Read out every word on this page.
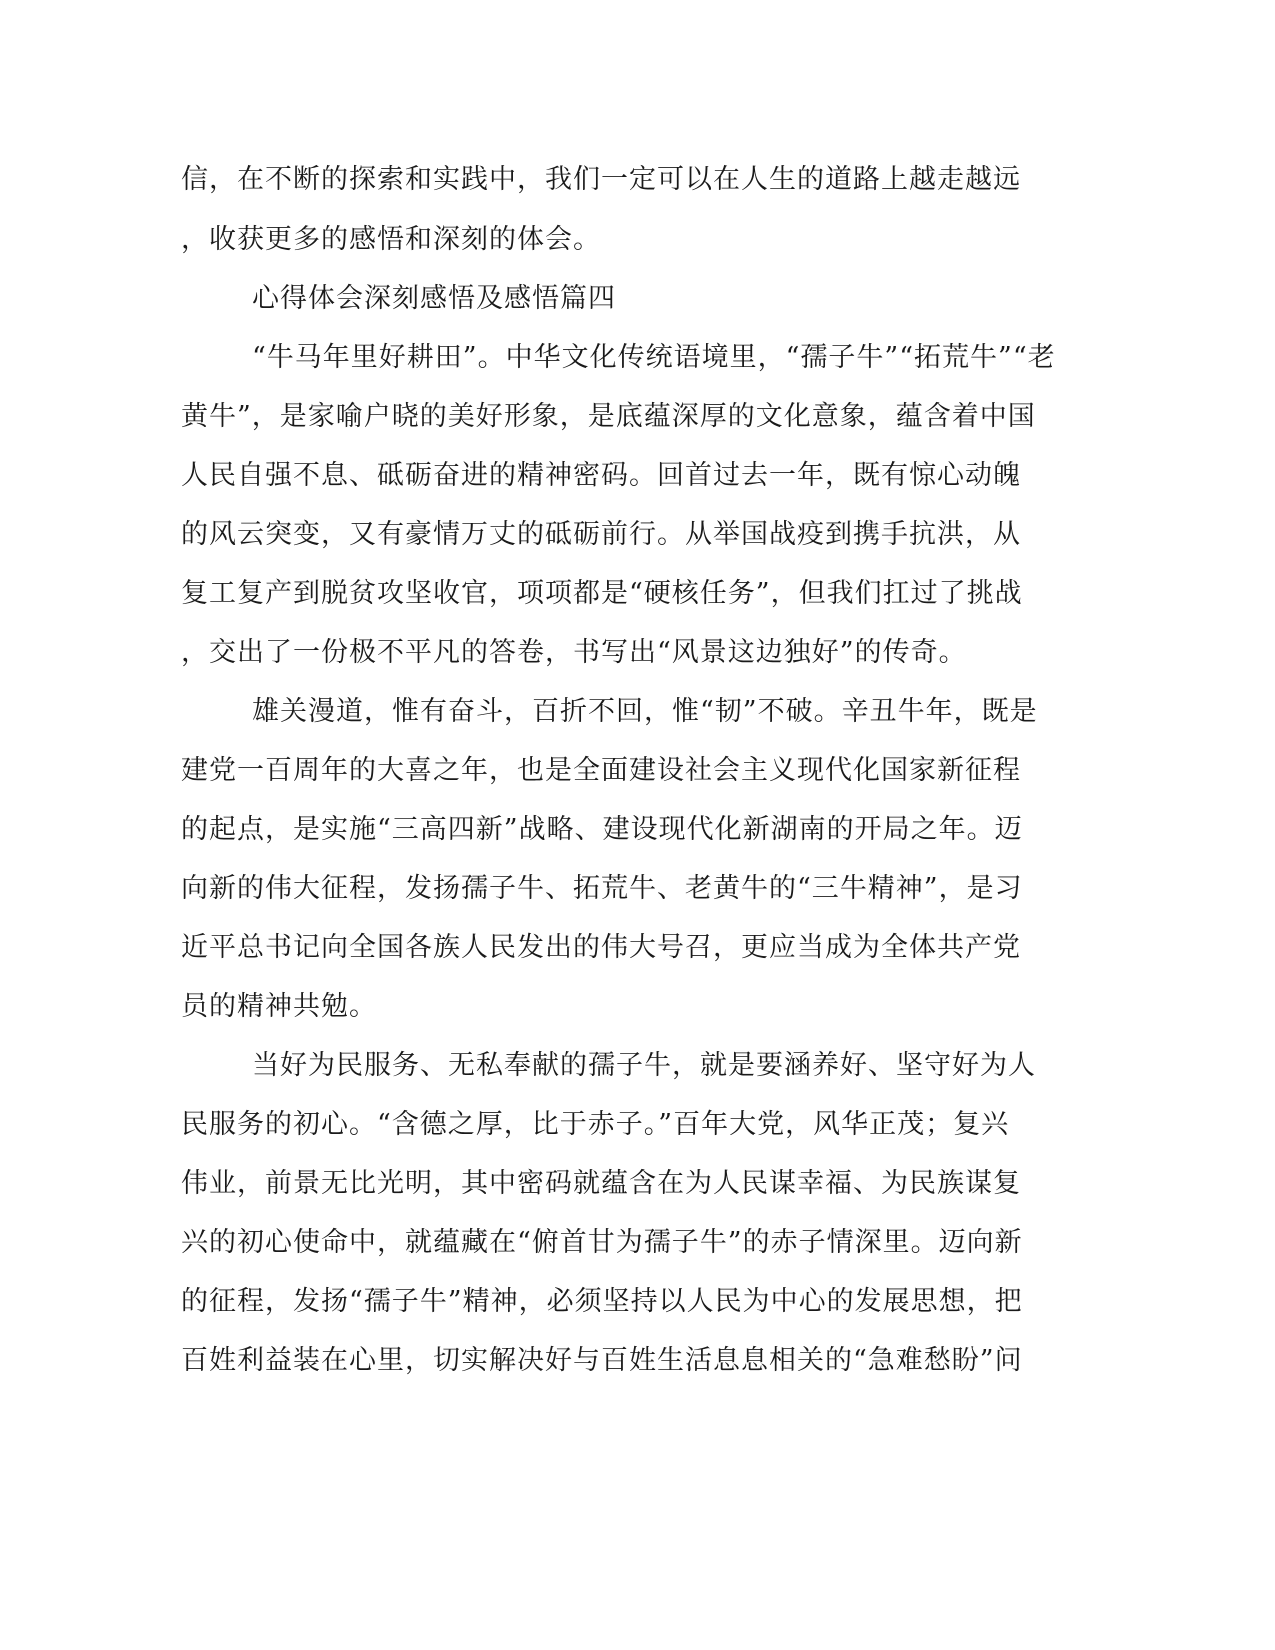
信，在不断的探索和实践中，我们一定可以在人生的道路上越走越远
，收获更多的感悟和深刻的体会。
心得体会深刻感悟及感悟篇四
“牛马年里好耕田”。中华文化传统语境里，“孺子牛”“拓荒牛”“老
黄牛”，是家喻户晓的美好形象，是底蕴深厚的文化意象，蕴含着中国
人民自强不息、砥砺奋进的精神密码。回首过去一年，既有惊心动魄
的风云突变，又有豪情万丈的砥砺前行。从举国战疫到携手抗洪，从
复工复产到脱贫攻坚收官，项项都是“硬核任务”，但我们扛过了挑战
，交出了一份极不平凡的答卷，书写出“风景这边独好”的传奇。
雄关漫道，惟有奋斗，百折不回，惟“韧”不破。辛丑牛年，既是
建党一百周年的大喜之年，也是全面建设社会主义现代化国家新征程
的起点，是实施“三高四新”战略、建设现代化新湖南的开局之年。迈
向新的伟大征程，发扬孺子牛、拓荒牛、老黄牛的“三牛精神”，是习
近平总书记向全国各族人民发出的伟大号召，更应当成为全体共产党
员的精神共勉。
当好为民服务、无私奉献的孺子牛，就是要涵养好、坚守好为人
民服务的初心。“含德之厚，比于赤子。”百年大党，风华正茂；复兴
伟业，前景无比光明，其中密码就蕴含在为人民谋幸福、为民族谋复
兴的初心使命中，就蕴藏在“俯首甘为孺子牛”的赤子情深里。迈向新
的征程，发扬“孺子牛”精神，必须坚持以人民为中心的发展思想，把
百姓利益装在心里，切实解决好与百姓生活息息相关的“急难愁盼”问
